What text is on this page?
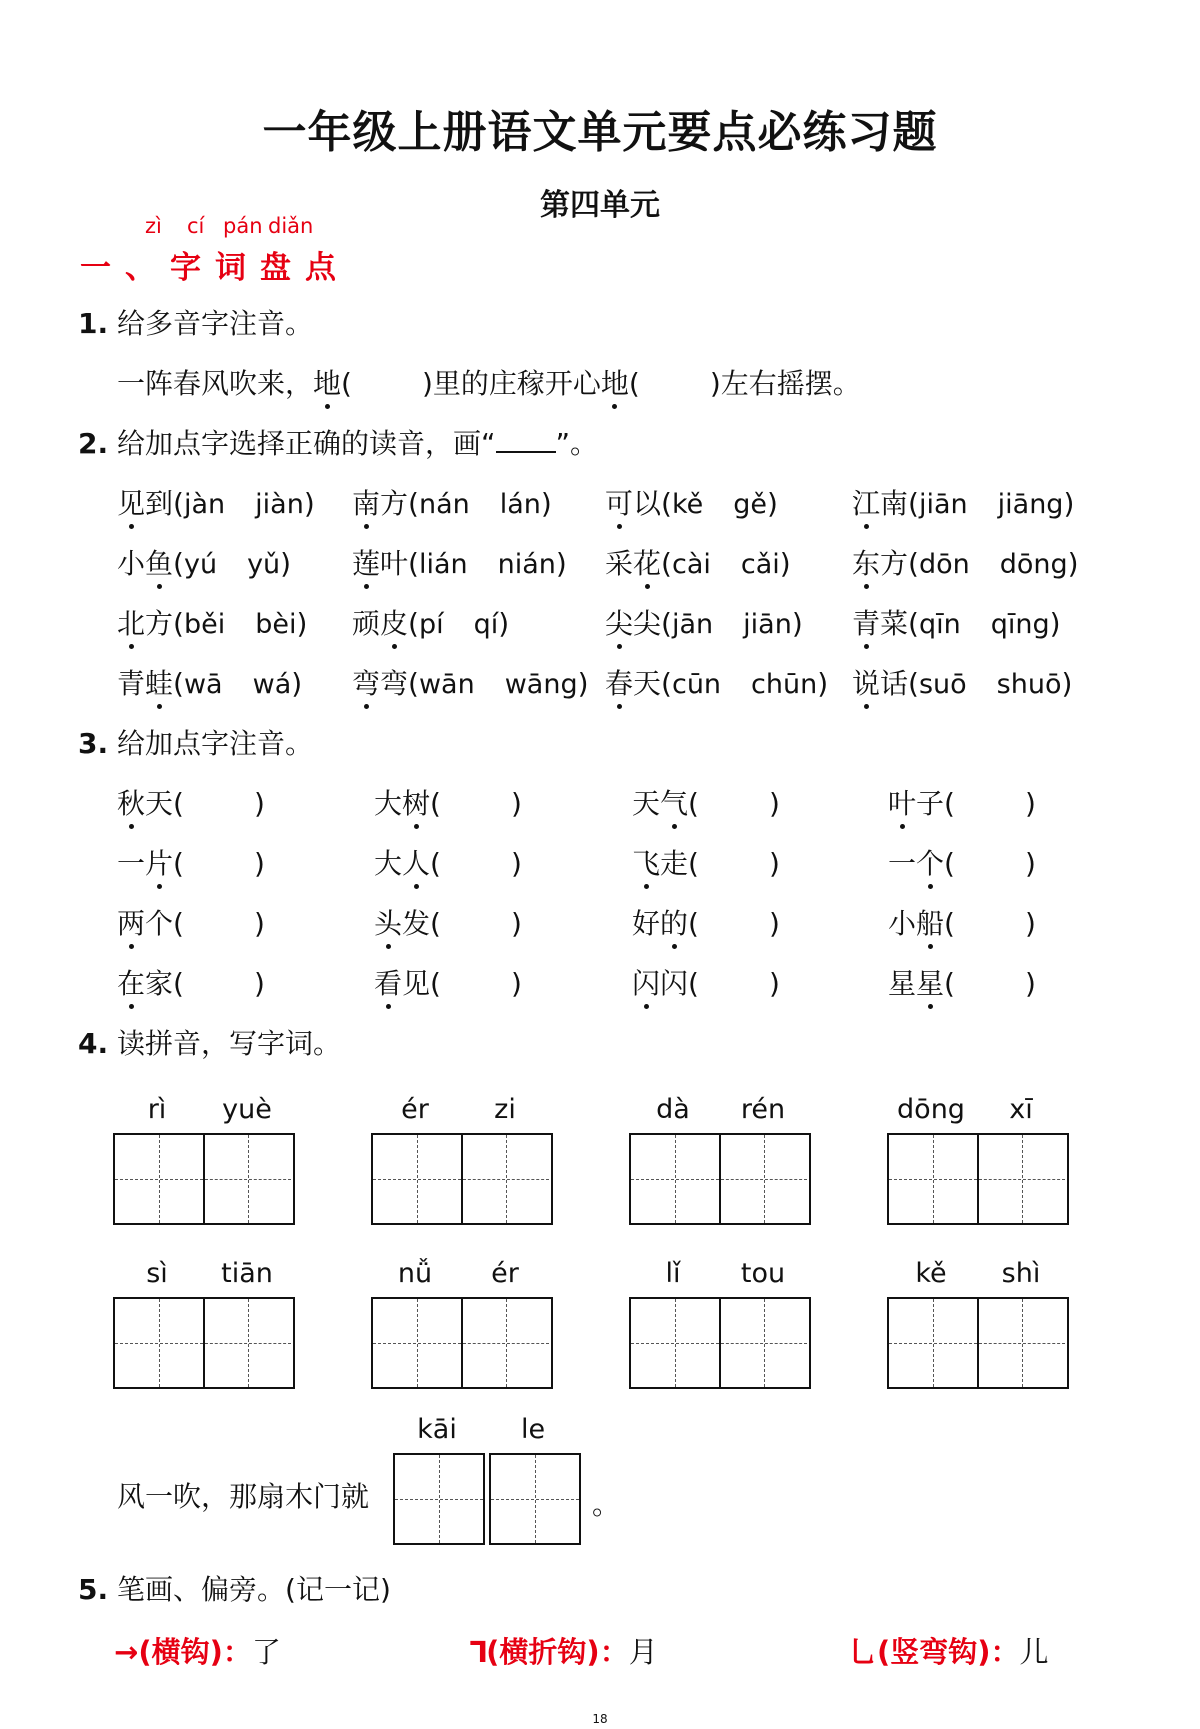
一年级上册语文单元要点必练习题
第四单元
zì cí pán diǎn
一、字词盘点
1. 给多音字注音。
一阵春风吹来，地(	)里的庄稼开心地(	)左右摇摆。
2. 给加点字选择正确的读音，画“ ”。
见到(jàn jiàn) 南方(nán lán) 可以(kě gě)	江南(jiān jiāng)
小鱼(yú yǔ) 莲叶(lián nián) 采花(cài cǎi) 东方(dōn dōng)
北方(běi bèi) 顽皮(pí qí)	尖尖(jān jiān) 青菜(qīn qīng)
青蛙(wā wá) 弯弯(wān wāng) 春天(cūn chūn) 说话(suō shuō)
3. 给加点字注音。
秋天(	)	大树(	)	天气(	)	叶子(	)
一片(	)	大人(	)	飞走(	)	一个(	)
两个(	)	头发(	)	好的(	)	小船(	)
在家(	)	看见(	)	闪闪(	)	星星(	)
4. 读拼音，写字词。
rì	yuè	ér	zi	dà	rén	dōng	xī
sì	tiān	nǚ	ér	lǐ	tou	kě	shì
风一吹，那扇木门就
kāi	le
。
5. 笔画、偏旁。(记一记)
→(横钩)：了	⅂(横折钩)：月	⺃(竖弯钩)：儿
18
